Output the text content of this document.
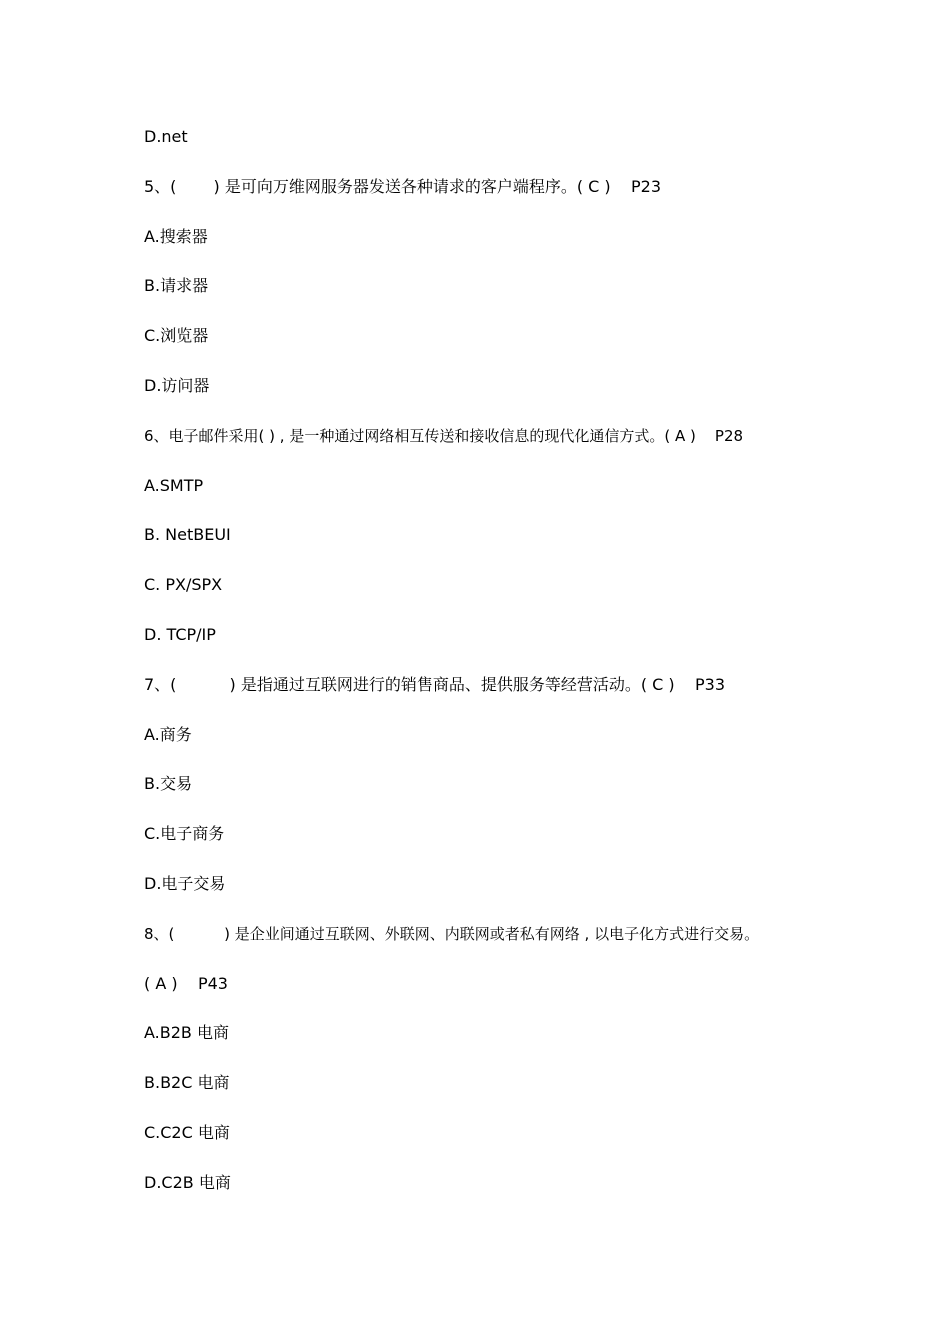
D.net
5、(　　 ) 是可向万维网服务器发送各种请求的客户端程序。( C )    P23
A.搜索器
B.请求器
C.浏览器
D.访问器
6、电子邮件采用( ) , 是一种通过网络相互传送和接收信息的现代化通信方式。( A )    P28
A.SMTP
B. NetBEUI
C. PX/SPX
D. TCP/IP
7、(　　　 ) 是指通过互联网进行的销售商品、提供服务等经营活动。( C )    P33
A.商务
B.交易
C.电子商务
D.电子交易
8、(　　　 ) 是企业间通过互联网、外联网、内联网或者私有网络 , 以电子化方式进行交易。
( A )    P43
A.B2B 电商
B.B2C 电商
C.C2C 电商
D.C2B 电商
